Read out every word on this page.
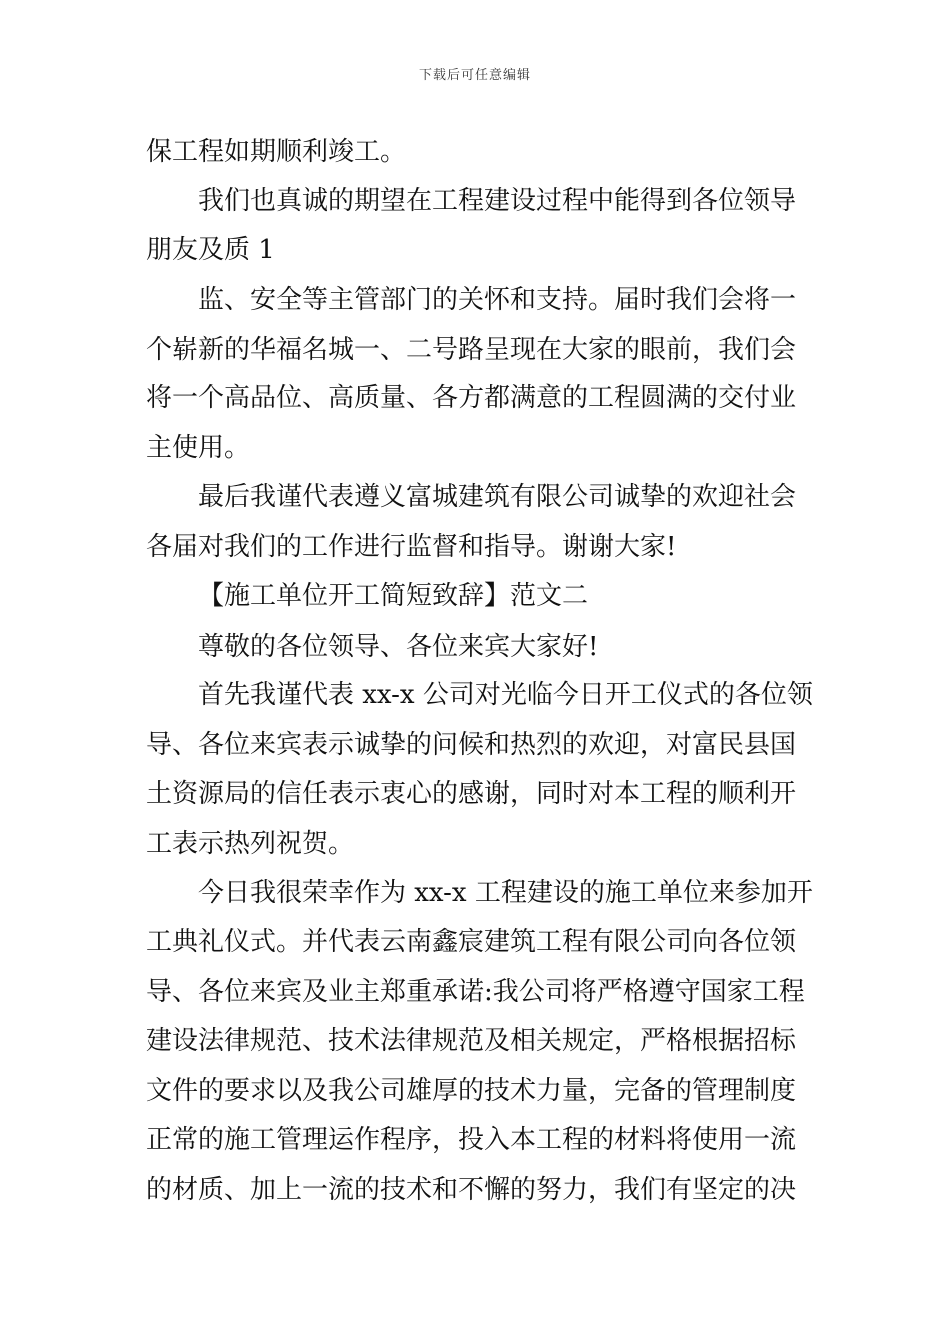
下载后可任意编辑
保工程如期顺利竣工。
我们也真诚的期望在工程建设过程中能得到各位领导
朋友及质 1
监、安全等主管部门的关怀和支持。届时我们会将一
个崭新的华福名城一、二号路呈现在大家的眼前，我们会
将一个高品位、高质量、各方都满意的工程圆满的交付业
主使用。
最后我谨代表遵义富城建筑有限公司诚挚的欢迎社会
各届对我们的工作进行监督和指导。谢谢大家!
【施工单位开工简短致辞】范文二
尊敬的各位领导、各位来宾大家好!
首先我谨代表 xx-x 公司对光临今日开工仪式的各位领
导、各位来宾表示诚挚的问候和热烈的欢迎，对富民县国
土资源局的信任表示衷心的感谢，同时对本工程的顺利开
工表示热列祝贺。
今日我很荣幸作为 xx-x 工程建设的施工单位来参加开
工典礼仪式。并代表云南鑫宸建筑工程有限公司向各位领
导、各位来宾及业主郑重承诺:我公司将严格遵守国家工程
建设法律规范、技术法律规范及相关规定，严格根据招标
文件的要求以及我公司雄厚的技术力量，完备的管理制度
正常的施工管理运作程序，投入本工程的材料将使用一流
的材质、加上一流的技术和不懈的努力，我们有坚定的决
